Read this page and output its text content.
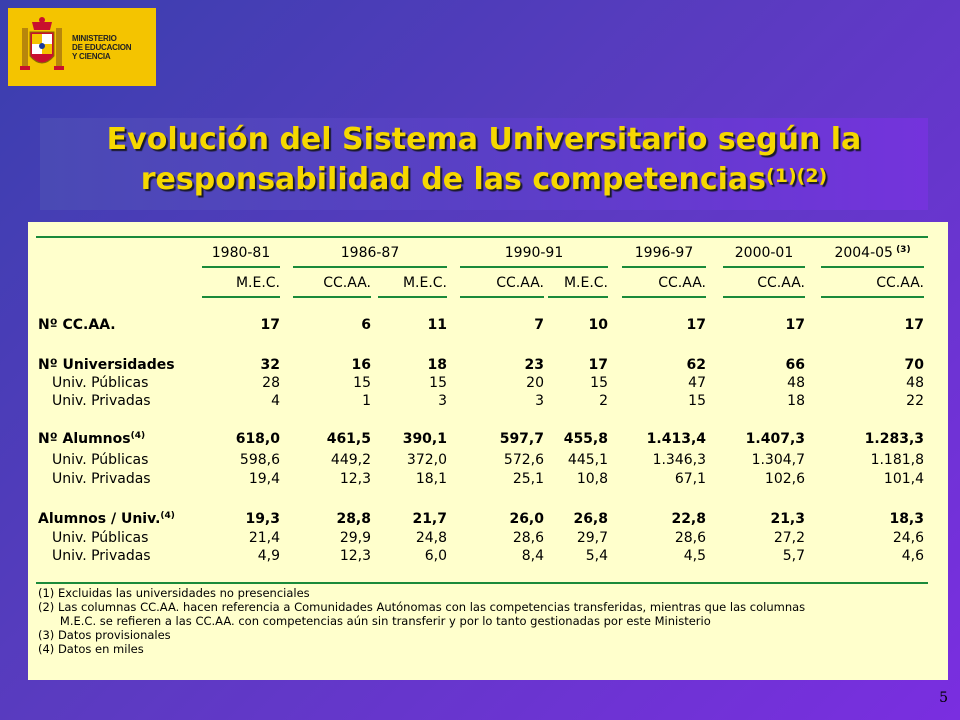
MINISTERIO
DE EDUCACION
Y CIENCIA
Evolución del Sistema Universitario según la
responsabilidad de las competencias$^{(1)(2)}$
1980-81	1986-87	1990-91	1996-97	2000-01	2004-05 $^{(3)}$
M.E.C.	CC.AA.	M.E.C.	CC.AA.	M.E.C.	CC.AA.	CC.AA.	CC.AA.
Nº CC.AA.	17	6	11	7	10	17	17	17
Nº Universidades	32	16	18	23	17	62	66	70
Univ. Públicas	28	15	15	20	15	47	48	48
Univ. Privadas	4	1	3	3	2	15	18	22
Nº Alumnos$^{(4)}$	618,0	461,5	390,1	597,7	455,8	1.413,4	1.407,3	1.283,3
Univ. Públicas	598,6	449,2	372,0	572,6	445,1	1.346,3	1.304,7	1.181,8
Univ. Privadas	19,4	12,3	18,1	25,1	10,8	67,1	102,6	101,4
Alumnos / Univ.$^{(4)}$	19,3	28,8	21,7	26,0	26,8	22,8	21,3	18,3
Univ. Públicas	21,4	29,9	24,8	28,6	29,7	28,6	27,2	24,6
Univ. Privadas	4,9	12,3	6,0	8,4	5,4	4,5	5,7	4,6
(1) Excluidas las universidades no presenciales
(2) Las columnas CC.AA. hacen referencia a Comunidades Autónomas con las competencias transferidas, mientras que las columnas
M.E.C. se refieren a las CC.AA. con competencias aún sin transferir y por lo tanto gestionadas por este Ministerio
(3) Datos provisionales
(4) Datos en miles
5
